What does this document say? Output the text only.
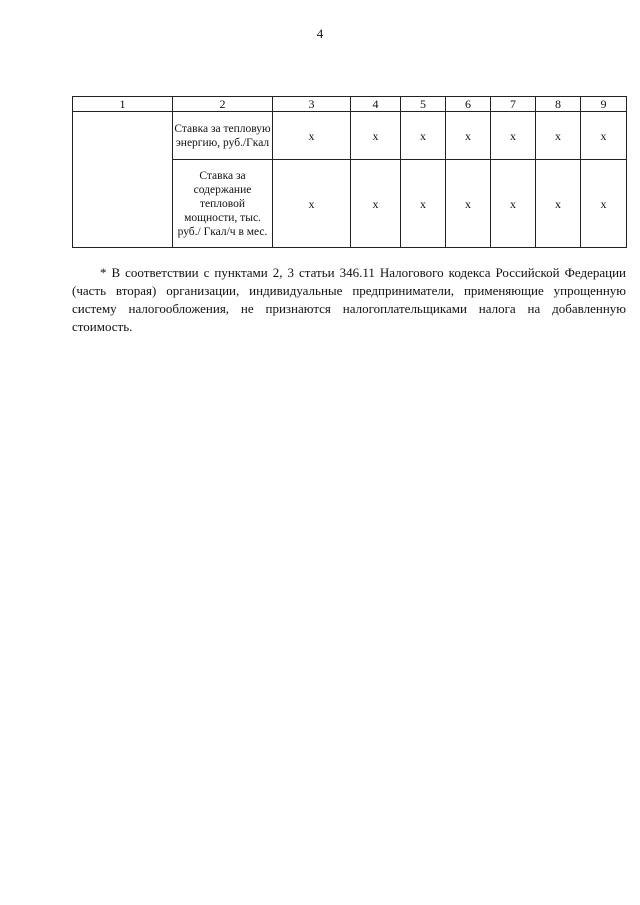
4
1	2	3	4	5	6	7	8	9
	Ставка за тепловую энергию, руб./Гкал	х	х	х	х	х	х	х
	Ставка за содержание тепловой мощности, тыс. руб./ Гкал/ч в мес.	х	х	х	х	х	х	х

* В соответствии с пунктами 2, 3 статьи 346.11 Налогового кодекса Российской Федерации (часть вторая) организации, индивидуальные предприниматели, применяющие упрощенную систему налогообложения, не признаются налогоплательщиками налога на добавленную стоимость.
